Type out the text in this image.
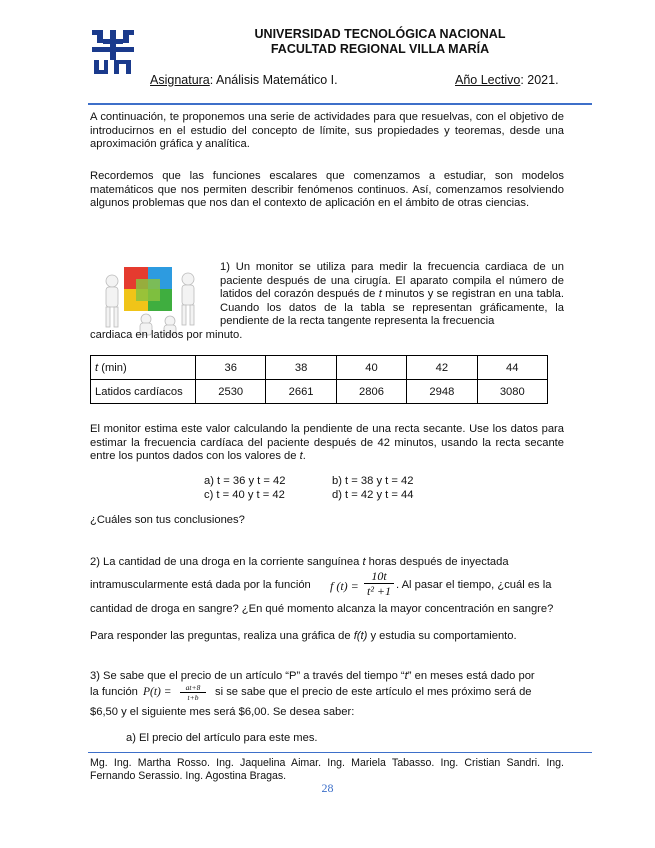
UNIVERSIDAD TECNOLÓGICA NACIONAL
FACULTAD REGIONAL VILLA MARÍA
Asignatura: Análisis Matemático I.	Año Lectivo: 2021.

A continuación, te proponemos una serie de actividades para que resuelvas, con el objetivo de introducirnos en el estudio del concepto de límite, sus propiedades y teoremas, desde una aproximación gráfica y analítica.

Recordemos que las funciones escalares que comenzamos a estudiar, son modelos matemáticos que nos permiten describir fenómenos continuos. Así, comenzamos resolviendo algunos problemas que nos dan el contexto de aplicación en el ámbito de otras ciencias.

1) Un monitor se utiliza para medir la frecuencia cardiaca de un paciente después de una cirugía. El aparato compila el número de latidos del corazón después de t minutos y se registran en una tabla. Cuando los datos de la tabla se representan gráficamente, la pendiente de la recta tangente representa la frecuencia
cardiaca en latidos por minuto.
t (min)	36	38	40	42	44
Latidos cardíacos	2530	2661	2806	2948	3080

El monitor estima este valor calculando la pendiente de una recta secante. Use los datos para estimar la frecuencia cardíaca del paciente después de 42 minutos, usando la recta secante entre los puntos dados con los valores de t.

a) t = 36 y t = 42	b) t = 38 y t = 42
c) t = 40 y t = 42	d) t = 42 y t = 44
¿Cuáles son tus conclusiones?
2) La cantidad de una droga en la corriente sanguínea t horas después de inyectada
intramuscularmente está dada por la función f (t) =
10t
t² +1 . Al pasar el tiempo, ¿cuál es la
cantidad de droga en sangre? ¿En qué momento alcanza la mayor concentración en sangre?
Para responder las preguntas, realiza una gráfica de f(t) y estudia su comportamiento.
3) Se sabe que el precio de un artículo “P” a través del tiempo “t” en meses está dado por
la función P(t) =	at+8
t+b	si se sabe que el precio de este artículo el mes próximo será de
$6,50 y el siguiente mes será $6,00. Se desea saber:
a) El precio del artículo para este mes.
Mg. Ing. Martha Rosso. Ing. Jaquelina Aimar. Ing. Mariela Tabasso. Ing. Cristian Sandri. Ing. Fernando Serassio. Ing. Agostina Bragas.
28
